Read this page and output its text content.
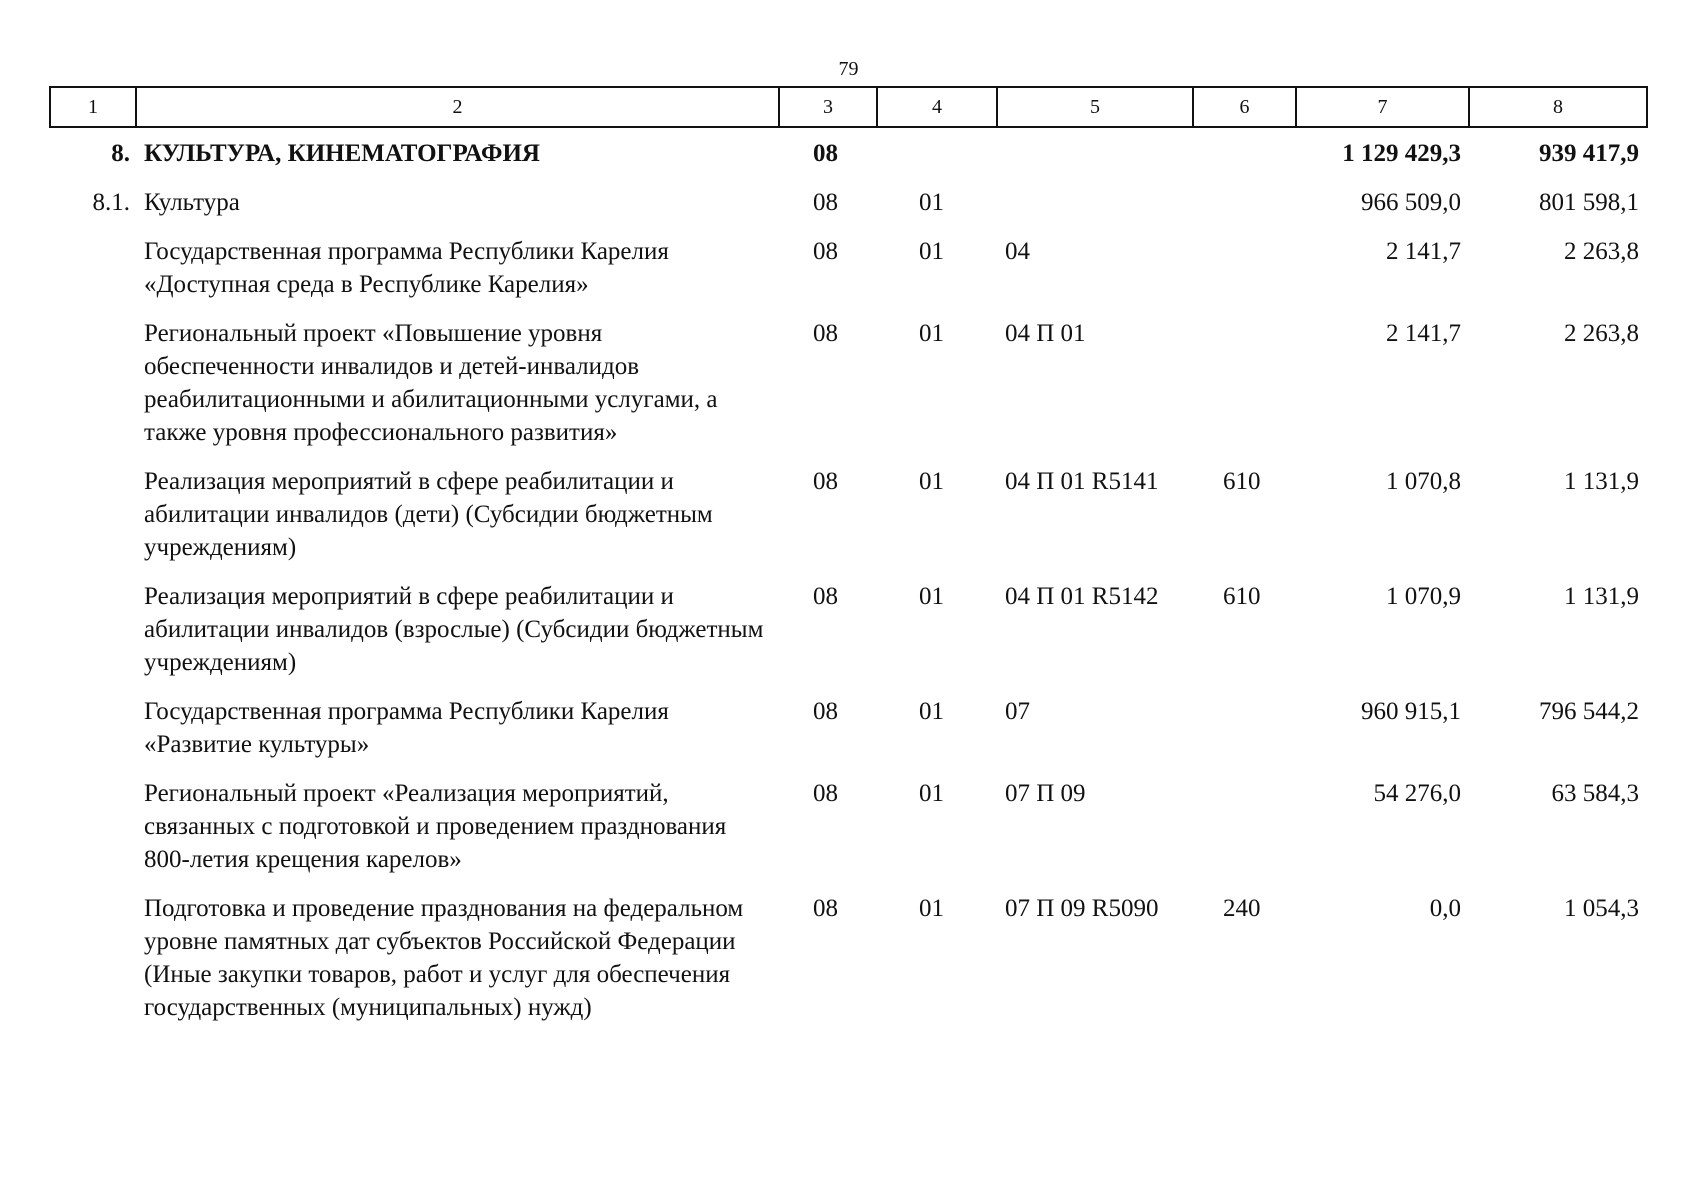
79
1	2	3	4	5	6	7	8
8.	КУЛЬТУРА, КИНЕМАТОГРАФИЯ	08				1 129 429,3	939 417,9
8.1.	Культура	08	01			966 509,0	801 598,1
	Государственная программа Республики Карелия «Доступная среда в Республике Карелия»	08	01	04		2 141,7	2 263,8
	Региональный проект «Повышение уровня обеспеченности инвалидов и детей-инвалидов реабилитационными и абилитационными услугами, а также уровня профессионального развития»	08	01	04 П 01		2 141,7	2 263,8
	Реализация мероприятий в сфере реабилитации и абилитации инвалидов (дети) (Субсидии бюджетным учреждениям)	08	01	04 П 01 R5141	610	1 070,8	1 131,9
	Реализация мероприятий в сфере реабилитации и абилитации инвалидов (взрослые) (Субсидии бюджетным учреждениям)	08	01	04 П 01 R5142	610	1 070,9	1 131,9
	Государственная программа Республики Карелия «Развитие культуры»	08	01	07		960 915,1	796 544,2
	Региональный проект «Реализация мероприятий, связанных с подготовкой и проведением празднования 800-летия крещения карелов»	08	01	07 П 09		54 276,0	63 584,3
	Подготовка и проведение празднования на федеральном уровне памятных дат субъектов Российской Федерации (Иные закупки товаров, работ и услуг для обеспечения государственных (муниципальных) нужд)	08	01	07 П 09 R5090	240	0,0	1 054,3
